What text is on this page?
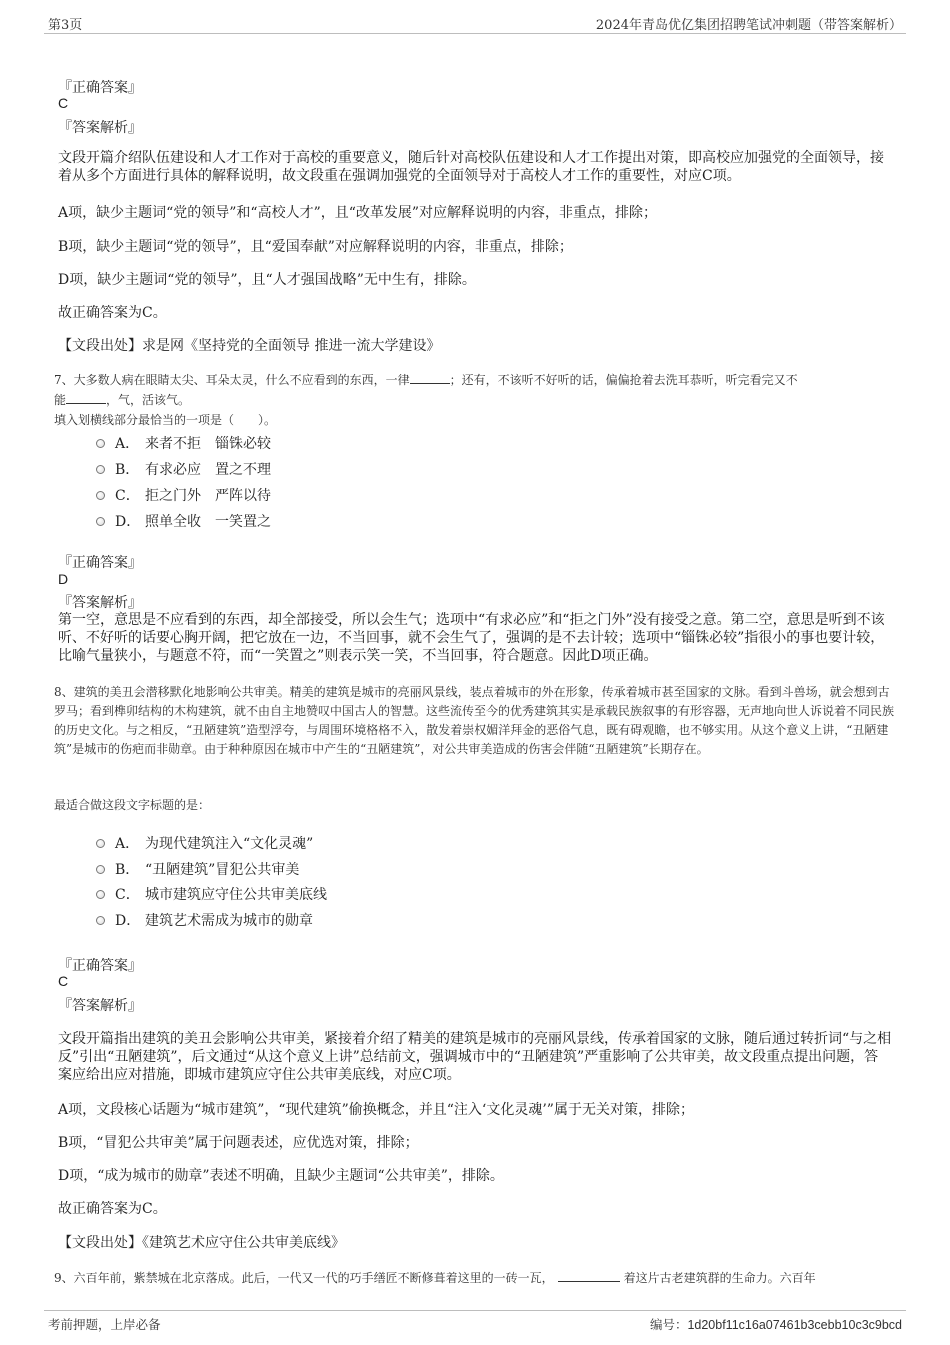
第3页	2024年青岛优亿集团招聘笔试冲刺题（带答案解析）
『正确答案』
C
『答案解析』
文段开篇介绍队伍建设和人才工作对于高校的重要意义，随后针对高校队伍建设和人才工作提出对策，即高校应加强党的全面领导，接着从多个方面进行具体的解释说明，故文段重在强调加强党的全面领导对于高校人才工作的重要性，对应C项。
A项，缺少主题词“党的领导”和“高校人才”，且“改革发展”对应解释说明的内容，非重点，排除；
B项，缺少主题词“党的领导”，且“爱国奉献”对应解释说明的内容，非重点，排除；
D项，缺少主题词“党的领导”，且“人才强国战略”无中生有，排除。
故正确答案为C。
【文段出处】求是网《坚持党的全面领导 推进一流大学建设》
7、大多数人病在眼睛太尖、耳朵太灵，什么不应看到的东西，一律	；还有，不该听不好听的话，偏偏抢着去洗耳恭听，听完看完又不
能	，气，活该气。
填入划横线部分最恰当的一项是（　　）。
A． 来者不拒　锱铢必较
B． 有求必应　置之不理
C． 拒之门外　严阵以待
D． 照单全收　一笑置之
『正确答案』
D
『答案解析』
第一空，意思是不应看到的东西，却全部接受，所以会生气；选项中“有求必应”和“拒之门外”没有接受之意。第二空，意思是听到不该听、不好听的话要心胸开阔，把它放在一边，不当回事，就不会生气了，强调的是不去计较；选项中“锱铢必较”指很小的事也要计较，比喻气量狭小，与题意不符，而“一笑置之”则表示笑一笑，不当回事，符合题意。因此D项正确。
8、建筑的美丑会潜移默化地影响公共审美。精美的建筑是城市的亮丽风景线，装点着城市的外在形象，传承着城市甚至国家的文脉。看到斗兽场，就会想到古罗马；看到榫卯结构的木构建筑，就不由自主地赞叹中国古人的智慧。这些流传至今的优秀建筑其实是承载民族叙事的有形容器，无声地向世人诉说着不同民族的历史文化。与之相反，“丑陋建筑”造型浮夸，与周围环境格格不入，散发着崇权媚洋拜金的恶俗气息，既有碍观瞻，也不够实用。从这个意义上讲，“丑陋建筑”是城市的伤疤而非勋章。由于种种原因在城市中产生的“丑陋建筑”，对公共审美造成的伤害会伴随“丑陋建筑”长期存在。
最适合做这段文字标题的是：
A． 为现代建筑注入“文化灵魂”
B． “丑陋建筑”冒犯公共审美
C． 城市建筑应守住公共审美底线
D． 建筑艺术需成为城市的勋章
『正确答案』
C
『答案解析』
文段开篇指出建筑的美丑会影响公共审美，紧接着介绍了精美的建筑是城市的亮丽风景线，传承着国家的文脉，随后通过转折词“与之相反”引出“丑陋建筑”，后文通过“从这个意义上讲”总结前文，强调城市中的“丑陋建筑”严重影响了公共审美，故文段重点提出问题，答案应给出应对措施，即城市建筑应守住公共审美底线，对应C项。
A项，文段核心话题为“城市建筑”，“现代建筑”偷换概念，并且“注入‘文化灵魂’”属于无关对策，排除；
B项，“冒犯公共审美”属于问题表述，应优选对策，排除；
D项，“成为城市的勋章”表述不明确，且缺少主题词“公共审美”，排除。
故正确答案为C。
【文段出处】《建筑艺术应守住公共审美底线》
9、六百年前，紫禁城在北京落成。此后，一代又一代的巧手缮匠不断修葺着这里的一砖一瓦，	着这片古老建筑群的生命力。六百年
考前押题，上岸必备	编号：1d20bf11c16a07461b3cebb10c3c9bcd
